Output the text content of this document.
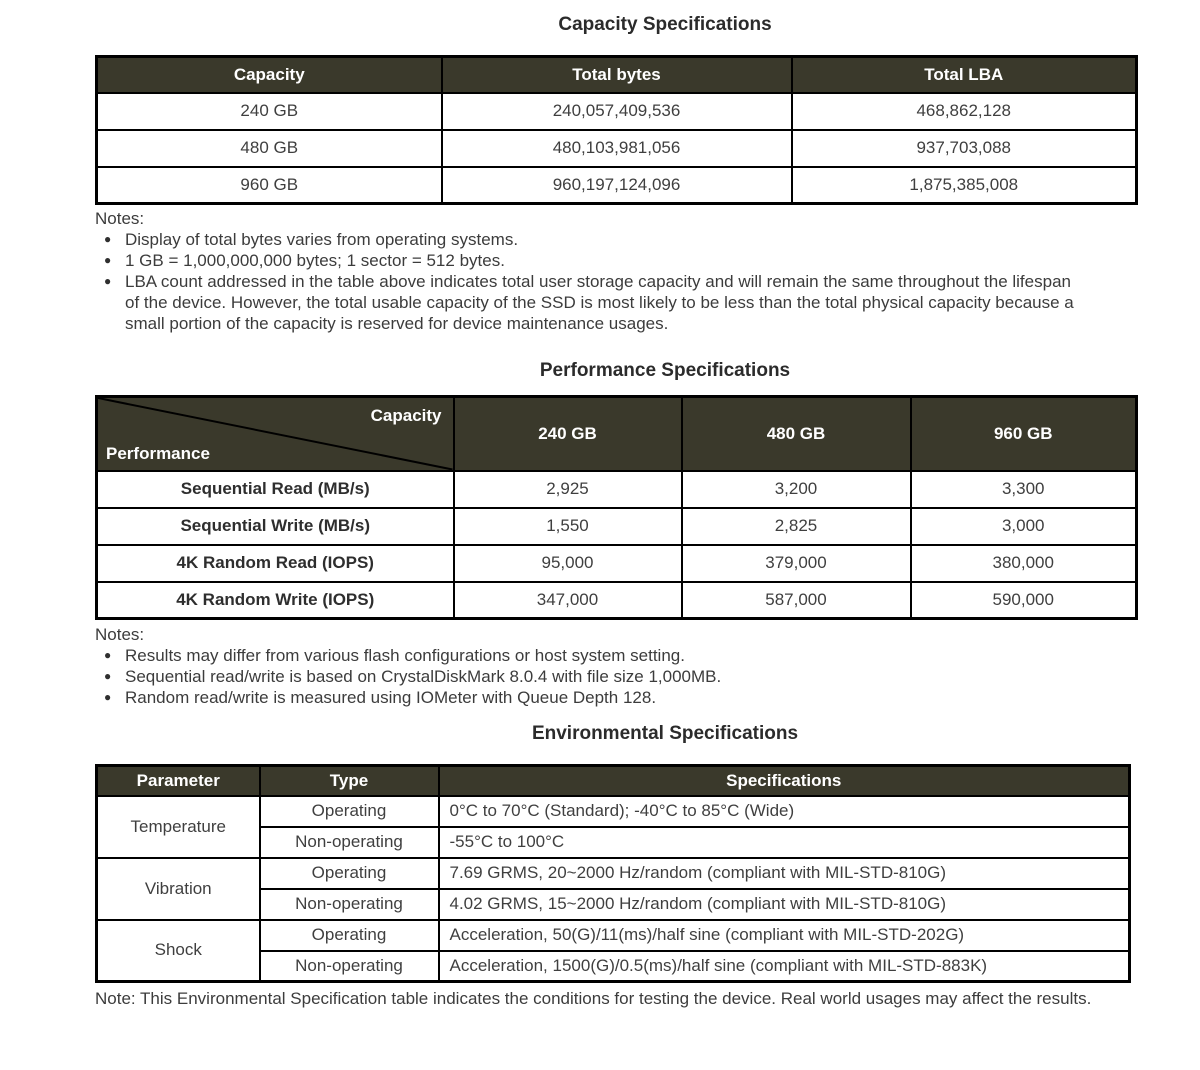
Capacity Specifications
Capacity	Total bytes	Total LBA
240 GB	240,057,409,536	468,862,128
480 GB	480,103,981,056	937,703,088
960 GB	960,197,124,096	1,875,385,008
Notes:
● Display of total bytes varies from operating systems.
● 1 GB = 1,000,000,000 bytes; 1 sector = 512 bytes.
● LBA count addressed in the table above indicates total user storage capacity and will remain the same throughout the lifespan of the device. However, the total usable capacity of the SSD is most likely to be less than the total physical capacity because a small portion of the capacity is reserved for device maintenance usages.
Performance Specifications
Capacity
Performance	240 GB	480 GB	960 GB
Sequential Read (MB/s)	2,925	3,200	3,300
Sequential Write (MB/s)	1,550	2,825	3,000
4K Random Read (IOPS)	95,000	379,000	380,000
4K Random Write (IOPS)	347,000	587,000	590,000
Notes:
● Results may differ from various flash configurations or host system setting.
● Sequential read/write is based on CrystalDiskMark 8.0.4 with file size 1,000MB.
● Random read/write is measured using IOMeter with Queue Depth 128.
Environmental Specifications
Parameter	Type	Specifications
Temperature	Operating	0°C to 70°C (Standard); -40°C to 85°C (Wide)
	Non-operating	-55°C to 100°C
Vibration	Operating	7.69 GRMS, 20~2000 Hz/random (compliant with MIL-STD-810G)
	Non-operating	4.02 GRMS, 15~2000 Hz/random (compliant with MIL-STD-810G)
Shock	Operating	Acceleration, 50(G)/11(ms)/half sine (compliant with MIL-STD-202G)
	Non-operating	Acceleration, 1500(G)/0.5(ms)/half sine (compliant with MIL-STD-883K)
Note: This Environmental Specification table indicates the conditions for testing the device. Real world usages may affect the results.
